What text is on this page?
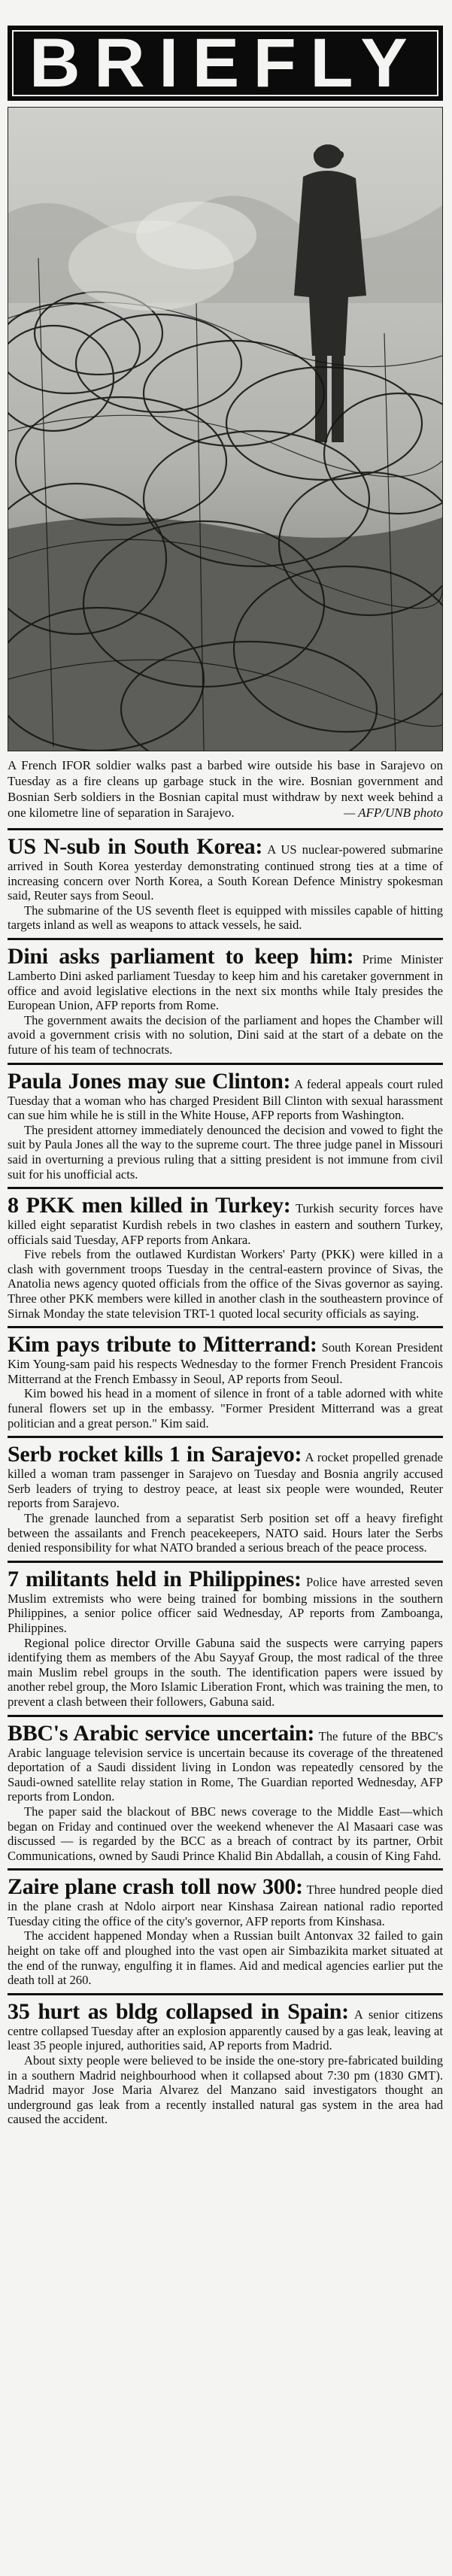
BRIEFLY

A French IFOR soldier walks past a barbed wire outside his base in Sarajevo on Tuesday as a fire cleans up garbage stuck in the wire. Bosnian government and Bosnian Serb soldiers in the Bosnian capital must withdraw by next week behind a one kilometre line of separation in Sarajevo.	— AFP/UNB photo

US N-sub in South Korea: A US nuclear-powered submarine arrived in South Korea yesterday demonstrating continued strong ties at a time of increasing concern over North Korea, a South Korean Defence Ministry spokesman said, Reuter says from Seoul.

The submarine of the US seventh fleet is equipped with missiles capable of hitting targets inland as well as weapons to attack vessels, he said.

Dini asks parliament to keep him: Prime Minister Lamberto Dini asked parliament Tuesday to keep him and his caretaker government in office and avoid legislative elections in the next six months while Italy presides the European Union, AFP reports from Rome.

The government awaits the decision of the parliament and hopes the Chamber will avoid a government crisis with no solution, Dini said at the start of a debate on the future of his team of technocrats.

Paula Jones may sue Clinton: A federal appeals court ruled Tuesday that a woman who has charged President Bill Clinton with sexual harassment can sue him while he is still in the White House, AFP reports from Washington.

The president attorney immediately denounced the decision and vowed to fight the suit by Paula Jones all the way to the supreme court. The three judge panel in Missouri said in overturning a previous ruling that a sitting president is not immune from civil suit for his unofficial acts.

8 PKK men killed in Turkey: Turkish security forces have killed eight separatist Kurdish rebels in two clashes in eastern and southern Turkey, officials said Tuesday, AFP reports from Ankara.

Five rebels from the outlawed Kurdistan Workers' Party (PKK) were killed in a clash with government troops Tuesday in the central-eastern province of Sivas, the Anatolia news agency quoted officials from the office of the Sivas governor as saying. Three other PKK members were killed in another clash in the southeastern province of Sirnak Monday the state television TRT-1 quoted local security officials as saying.

Kim pays tribute to Mitterrand: South Korean President Kim Young-sam paid his respects Wednesday to the former French President Francois Mitterrand at the French Embassy in Seoul, AP reports from Seoul.

Kim bowed his head in a moment of silence in front of a table adorned with white funeral flowers set up in the embassy. "Former President Mitterrand was a great politician and a great person." Kim said.

Serb rocket kills 1 in Sarajevo: A rocket propelled grenade killed a woman tram passenger in Sarajevo on Tuesday and Bosnia angrily accused Serb leaders of trying to destroy peace, at least six people were wounded, Reuter reports from Sarajevo.

The grenade launched from a separatist Serb position set off a heavy firefight between the assailants and French peacekeepers, NATO said. Hours later the Serbs denied responsibility for what NATO branded a serious breach of the peace process.

7 militants held in Philippines: Police have arrested seven Muslim extremists who were being trained for bombing missions in the southern Philippines, a senior police officer said Wednesday, AP reports from Zamboanga, Philippines.

Regional police director Orville Gabuna said the suspects were carrying papers identifying them as members of the Abu Sayyaf Group, the most radical of the three main Muslim rebel groups in the south. The identification papers were issued by another rebel group, the Moro Islamic Liberation Front, which was training the men, to prevent a clash between their followers, Gabuna said.

BBC's Arabic service uncertain: The future of the BBC's Arabic language television service is uncertain because its coverage of the threatened deportation of a Saudi dissident living in London was repeatedly censored by the Saudi-owned satellite relay station in Rome, The Guardian reported Wednesday, AFP reports from London.

The paper said the blackout of BBC news coverage to the Middle East—which began on Friday and continued over the weekend whenever the Al Masaari case was discussed — is regarded by the BCC as a breach of contract by its partner, Orbit Communications, owned by Saudi Prince Khalid Bin Abdallah, a cousin of King Fahd.

Zaire plane crash toll now 300: Three hundred people died in the plane crash at Ndolo airport near Kinshasa Zairean national radio reported Tuesday citing the office of the city's governor, AFP reports from Kinshasa.

The accident happened Monday when a Russian built Antonvax 32 failed to gain height on take off and ploughed into the vast open air Simbazikita market situated at the end of the runway, engulfing it in flames. Aid and medical agencies earlier put the death toll at 260.

35 hurt as bldg collapsed in Spain: A senior citizens centre collapsed Tuesday after an explosion apparently caused by a gas leak, leaving at least 35 people injured, authorities said, AP reports from Madrid.

About sixty people were believed to be inside the one-story pre-fabricated building in a southern Madrid neighbourhood when it collapsed about 7:30 pm (1830 GMT). Madrid mayor Jose Maria Alvarez del Manzano said investigators thought an underground gas leak from a recently installed natural gas system in the area had caused the accident.
